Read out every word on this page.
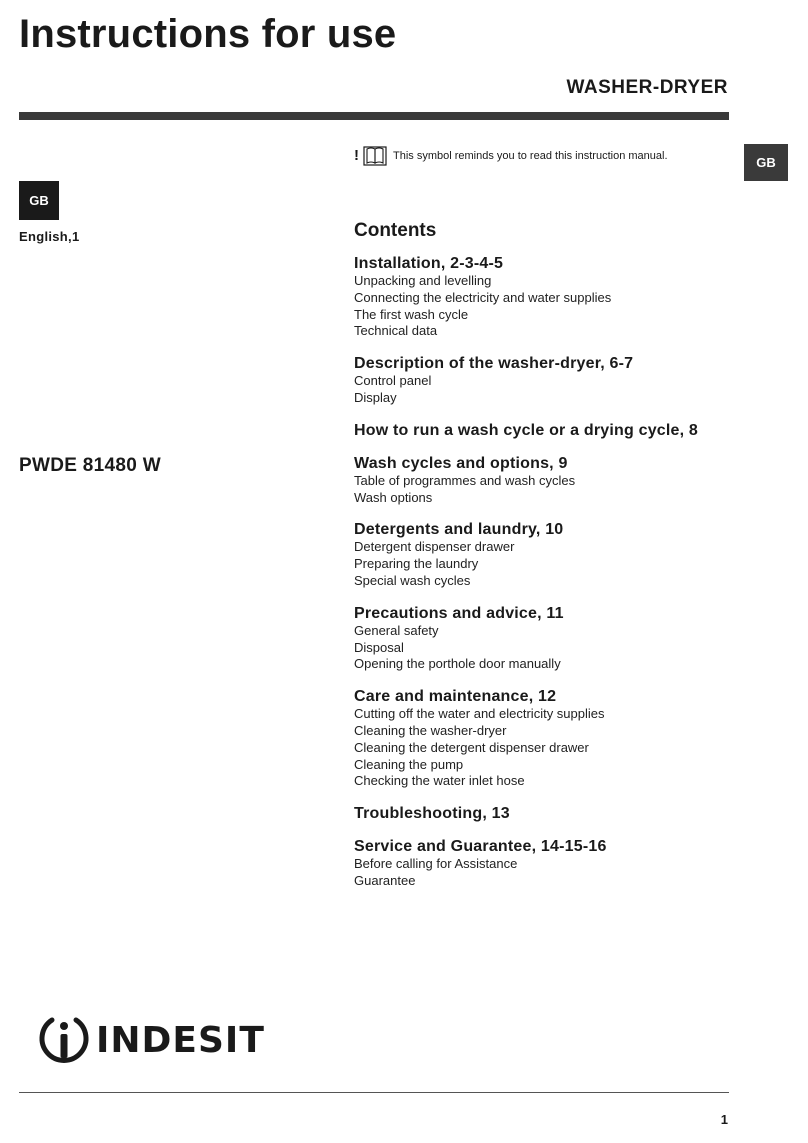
Instructions for use
WASHER-DRYER
GB
GB
English,1
PWDE 81480 W
!	This symbol reminds you to read this instruction manual.
Contents
Installation, 2-3-4-5
Unpacking and levelling
Connecting the electricity and water supplies
The first wash cycle
Technical data
Description of the washer-dryer, 6-7
Control panel
Display
How to run a wash cycle or a drying cycle, 8
Wash cycles and options, 9
Table of programmes and wash cycles
Wash options
Detergents and laundry, 10
Detergent dispenser drawer
Preparing the laundry
Special wash cycles
Precautions and advice, 11
General safety
Disposal
Opening the porthole door manually
Care and maintenance, 12
Cutting off the water and electricity supplies
Cleaning the washer-dryer
Cleaning the detergent dispenser drawer
Cleaning the pump
Checking the water inlet hose
Troubleshooting, 13
Service and Guarantee, 14-15-16
Before calling for Assistance
Guarantee
INDESIT
1
